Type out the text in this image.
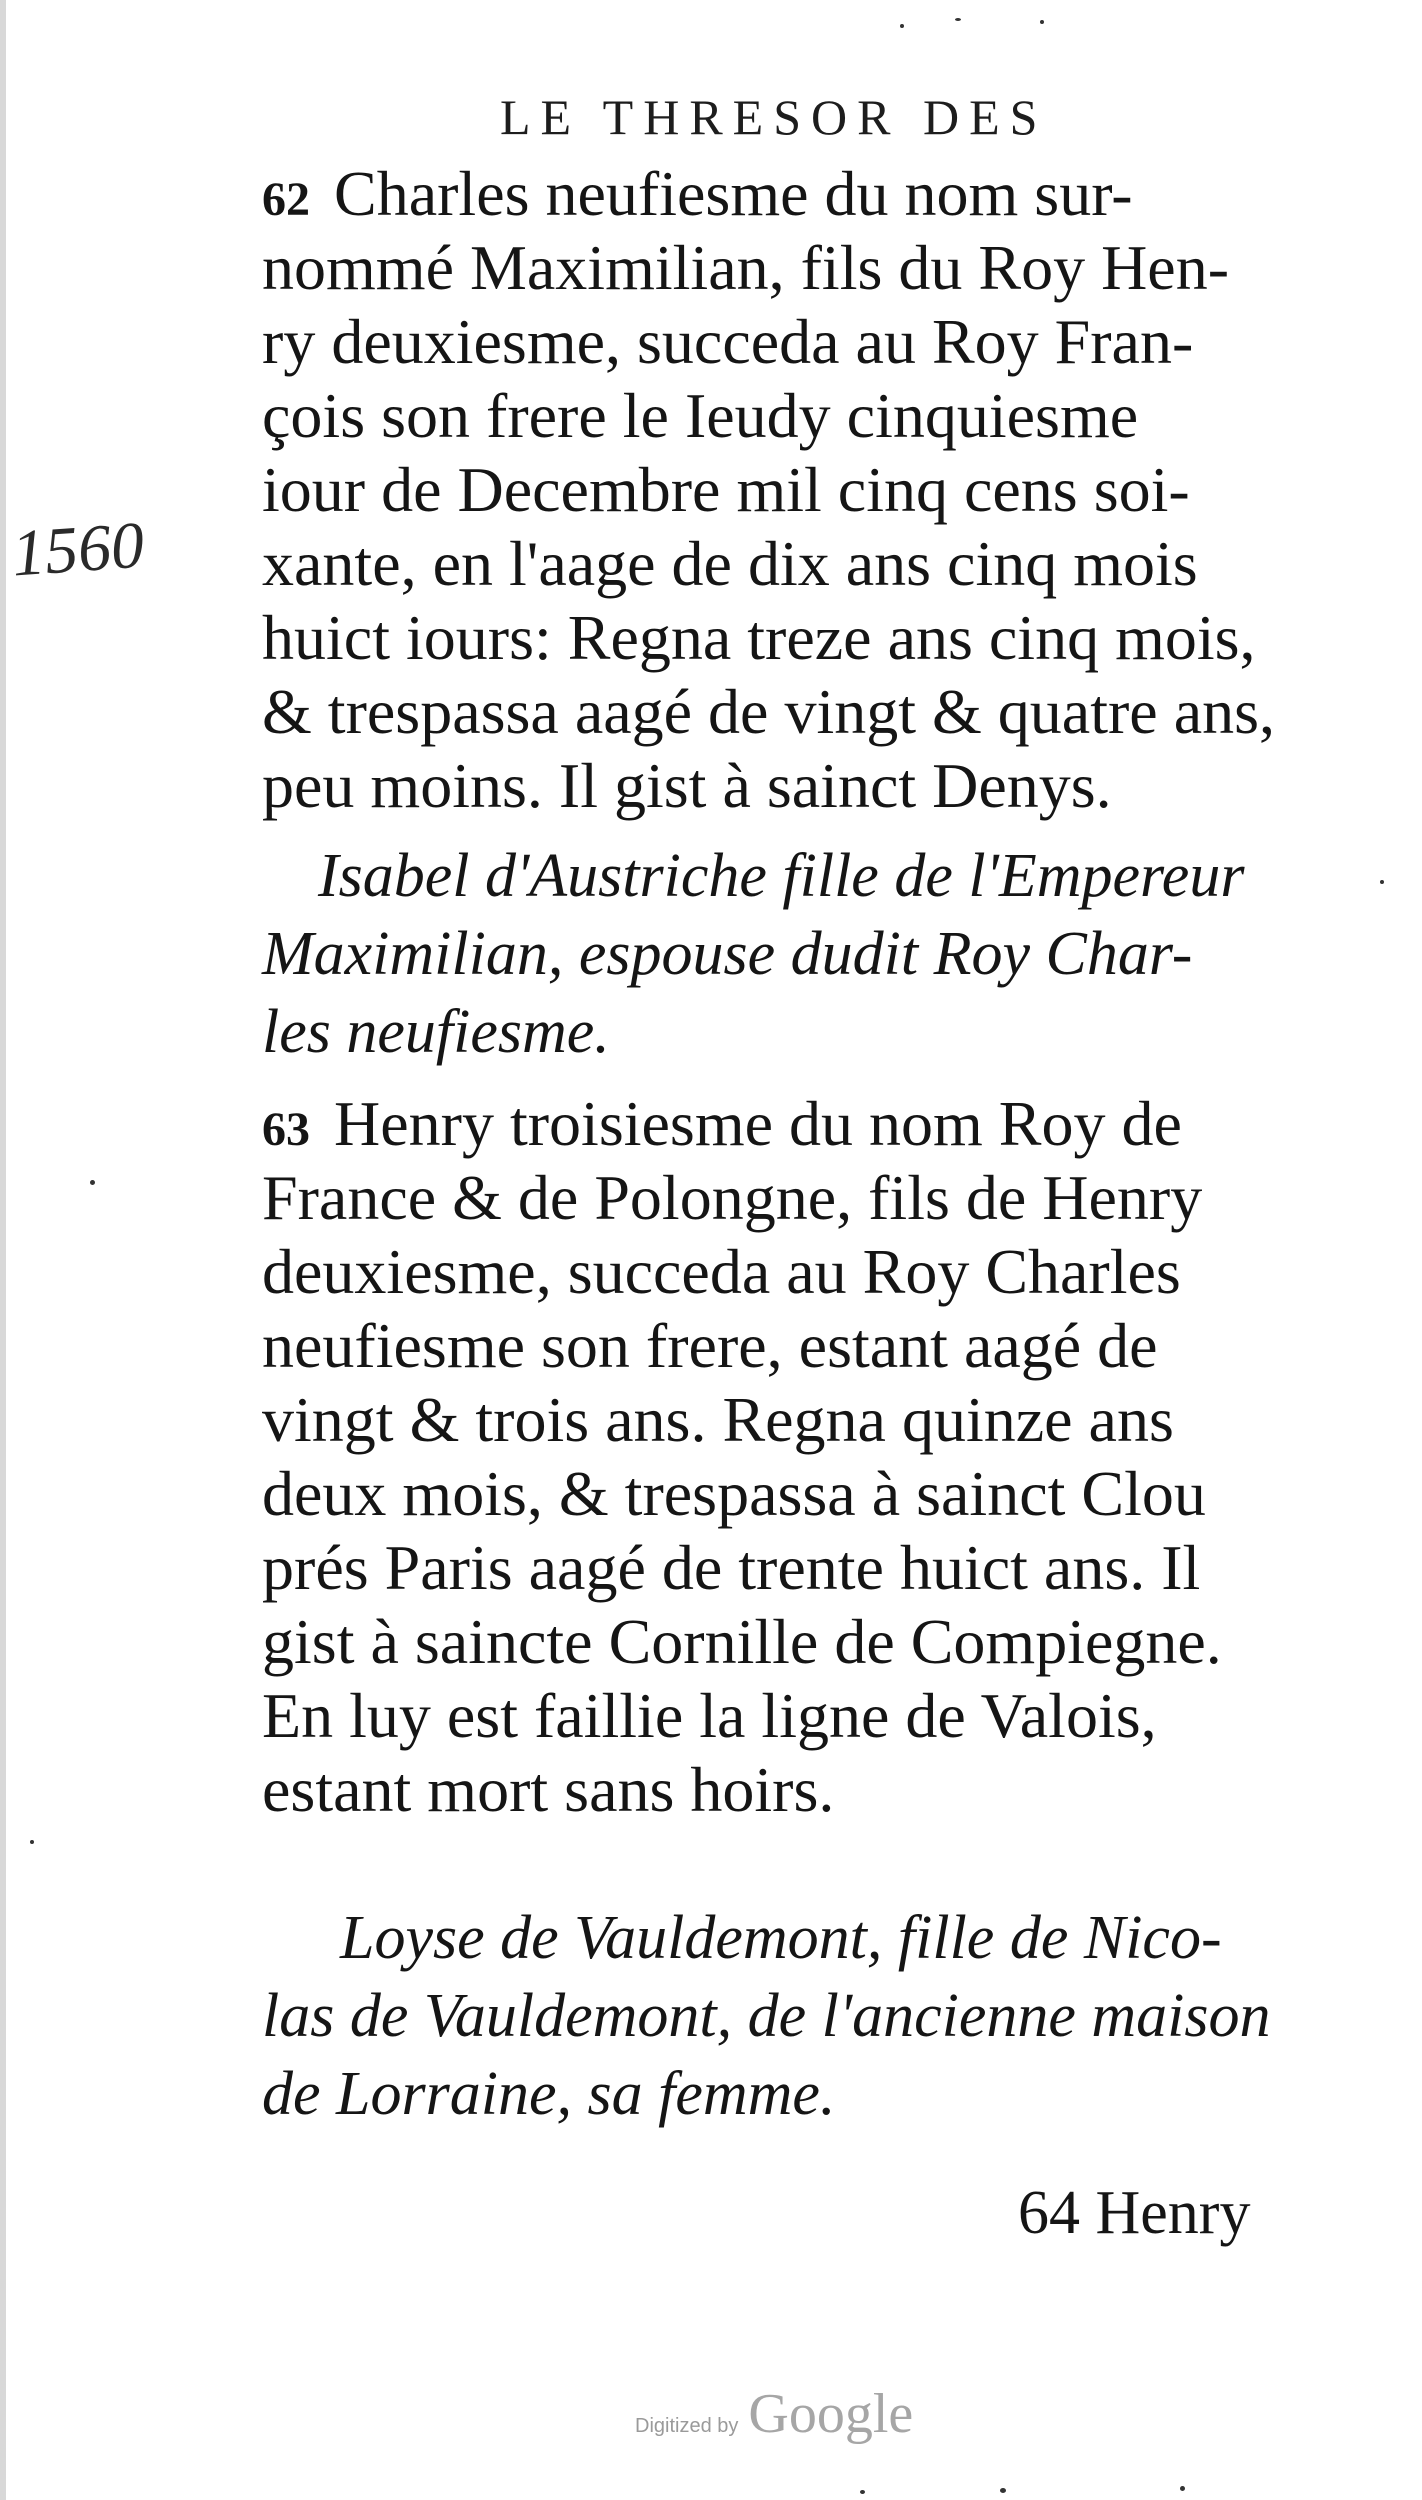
LE THRESOR DES
1560
62 Charles neufiesme du nom sur-
nommé Maximilian, fils du Roy Hen-
ry deuxiesme, succeda au Roy Fran-
çois son frere le Ieudy cinquiesme
iour de Decembre mil cinq cens soi-
xante, en l'aage de dix ans cinq mois
huict iours: Regna treze ans cinq mois,
& trespassa aagé de vingt & quatre ans,
peu moins. Il gist à sainct Denys.
Isabel d'Austriche fille de l'Empereur
Maximilian, espouse dudit Roy Char-
les neufiesme.
63 Henry troisiesme du nom Roy de
France & de Polongne, fils de Henry
deuxiesme, succeda au Roy Charles
neufiesme son frere, estant aagé de
vingt & trois ans. Regna quinze ans
deux mois, & trespassa à sainct Clou
prés Paris aagé de trente huict ans. Il
gist à saincte Cornille de Compiegne.
En luy est faillie la ligne de Valois,
estant mort sans hoirs.
Loyse de Vauldemont, fille de Nico-
las de Vauldemont, de l'ancienne maison
de Lorraine, sa femme.
64 Henry
Digitized by Google
